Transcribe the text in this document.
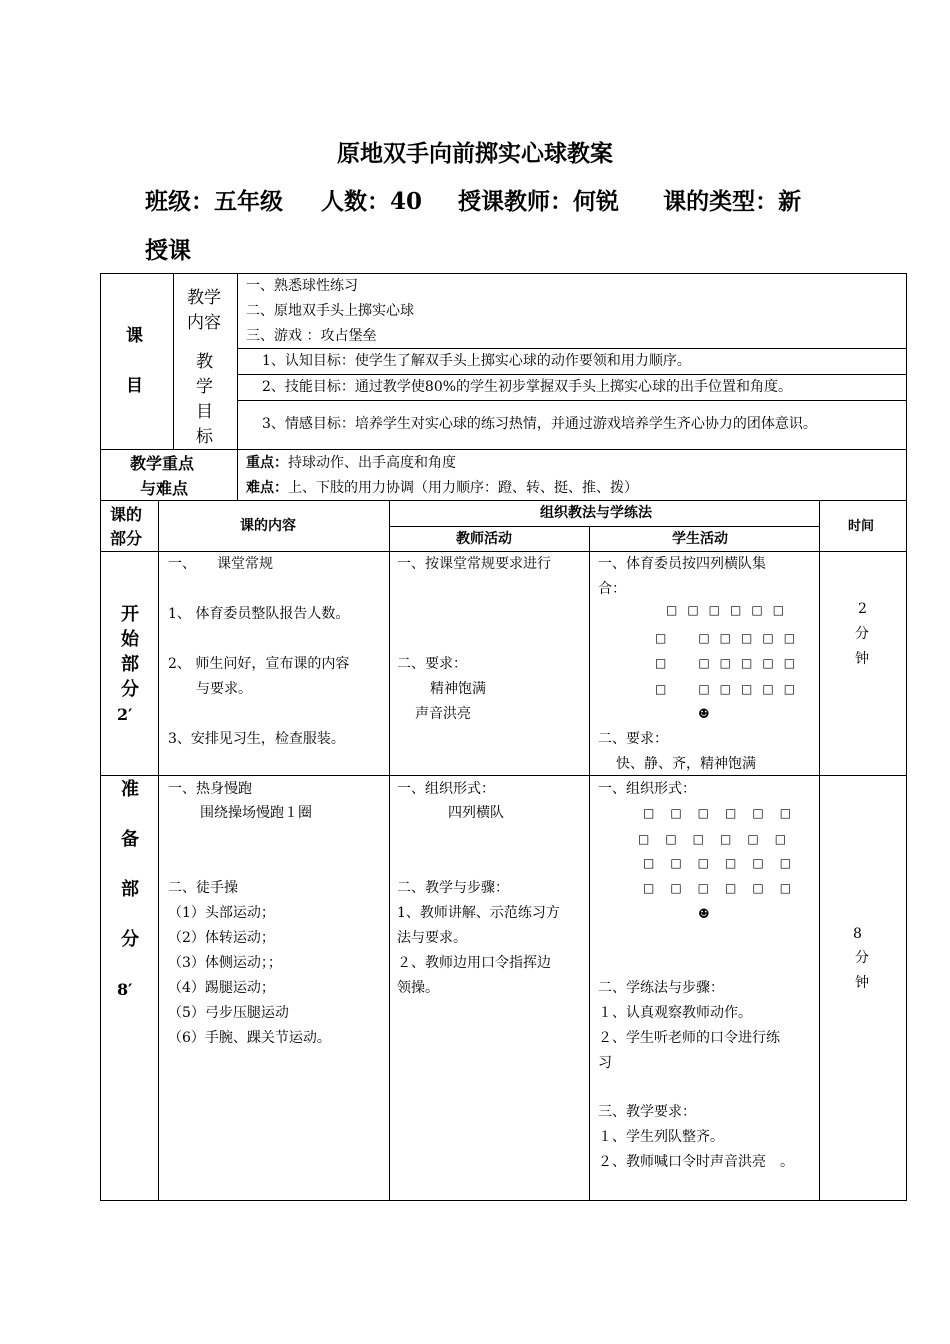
原地双手向前掷实心球教案
班级：五年级 人数：40 授课教师：何锐 课的类型：新
授课
课
目
教学
内容
一、熟悉球性练习
二、原地双手头上掷实心球
三、游戏 ：攻占堡垒
教
学
目
标
1、认知目标：使学生了解双手头上掷实心球的动作要领和用力顺序。
2、技能目标：通过教学使80%的学生初步掌握双手头上掷实心球的出手位置和角度。
3、情感目标：培养学生对实心球的练习热情，并通过游戏培养学生齐心协力的团体意识。
教学重点
与难点
重点：持球动作、出手高度和角度
难点：上、下肢的用力协调（用力顺序：蹬、转、挺、推、拨）
课的
部分
课的内容
组织教法与学练法
教师活动	学生活动
时间
开
始
部
分
2′
一、　　课堂常规
1、 体育委员整队报告人数。
2、 师生问好，宣布课的内容
与要求。
3、安排见习生，检查服装。
一、按课堂常规要求进行
二、要求：
精神饱满
声音洪亮
一、体育委员按四列横队集
合：
□□□□□□
□　□□□□□
□　□□□□□
□　□□□□□
☻
二、要求：
快、静、齐，精神饱满
2
分
钟
准
备
部
分
8′
一、热身慢跑
围绕操场慢跑１圈
二、徒手操
（1）头部运动；
（2）体转运动；
（3）体侧运动；；
（4）踢腿运动；
（5）弓步压腿运动
（6）手腕、踝关节运动。
一、组织形式：
四列横队
二、教学与步骤：
1、教师讲解、示范练习方
法与要求。
２、教师边用口令指挥边
领操。
一、组织形式：
□　□　□　□　□　□
□　□　□　□　□　□
□　□　□　□　□　□
□　□　□　□　□　□
☻
二、学练法与步骤：
１、认真观察教师动作。
２、学生听老师的口令进行练
习
三、教学要求：
１、学生列队整齐。
２、教师喊口令时声音洪亮　。
8
分
钟
